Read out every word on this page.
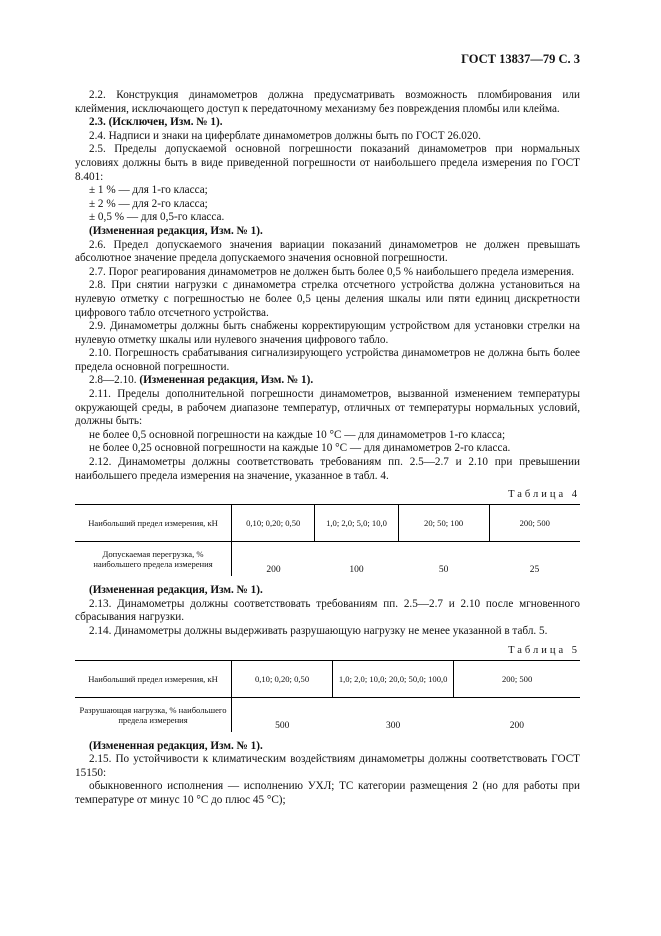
ГОСТ 13837—79 С. 3

2.2. Конструкция динамометров должна предусматривать возможность пломбирования или клеймения, исключающего доступ к передаточному механизму без повреждения пломбы или клейма.

2.3. (Исключен, Изм. № 1).

2.4. Надписи и знаки на циферблате динамометров должны быть по ГОСТ 26.020.

2.5. Пределы допускаемой основной погрешности показаний динамометров при нормальных условиях должны быть в виде приведенной погрешности от наибольшего предела измерения по ГОСТ 8.401:

± 1 % — для 1-го класса;

± 2 % — для 2-го класса;

± 0,5 % — для 0,5-го класса.

(Измененная редакция, Изм. № 1).

2.6. Предел допускаемого значения вариации показаний динамометров не должен превышать абсолютное значение предела допускаемого значения основной погрешности.

2.7. Порог реагирования динамометров не должен быть более 0,5 % наибольшего предела измерения.

2.8. При снятии нагрузки с динамометра стрелка отсчетного устройства должна установиться на нулевую отметку с погрешностью не более 0,5 цены деления шкалы или пяти единиц дискретности цифрового табло отсчетного устройства.

2.9. Динамометры должны быть снабжены корректирующим устройством для установки стрелки на нулевую отметку шкалы или нулевого значения цифрового табло.

2.10. Погрешность срабатывания сигнализирующего устройства динамометров не должна быть более предела основной погрешности.

2.8—2.10. (Измененная редакция, Изм. № 1).

2.11. Пределы дополнительной погрешности динамометров, вызванной изменением температуры окружающей среды, в рабочем диапазоне температур, отличных от температуры нормальных условий, должны быть:

не более 0,5 основной погрешности на каждые 10 °С — для динамометров 1-го класса;

не более 0,25 основной погрешности на каждые 10 °С — для динамометров 2-го класса.

2.12. Динамометры должны соответствовать требованиям пп. 2.5—2.7 и 2.10 при превышении наибольшего предела измерения на значение, указанное в табл. 4.

Таблица 4
Наибольший предел измерения, кН	0,10; 0,20; 0,50	1,0; 2,0; 5,0; 10,0	20; 50; 100	200; 500
Допускаемая перегрузка, % наибольшего предела измерения	200	100	50	25

(Измененная редакция, Изм. № 1).

2.13. Динамометры должны соответствовать требованиям пп. 2.5—2.7 и 2.10 после мгновенного сбрасывания нагрузки.

2.14. Динамометры должны выдерживать разрушающую нагрузку не менее указанной в табл. 5.

Таблица 5
Наибольший предел измерения, кН	0,10; 0,20; 0,50	1,0; 2,0; 10,0; 20,0; 50,0; 100,0	200; 500
Разрушающая нагрузка, % наибольшего предела измерения	500	300	200

(Измененная редакция, Изм. № 1).

2.15. По устойчивости к климатическим воздействиям динамометры должны соответствовать ГОСТ 15150:

обыкновенного исполнения — исполнению УХЛ; ТС категории размещения 2 (но для работы при температуре от минус 10 °С до плюс 45 °С);
